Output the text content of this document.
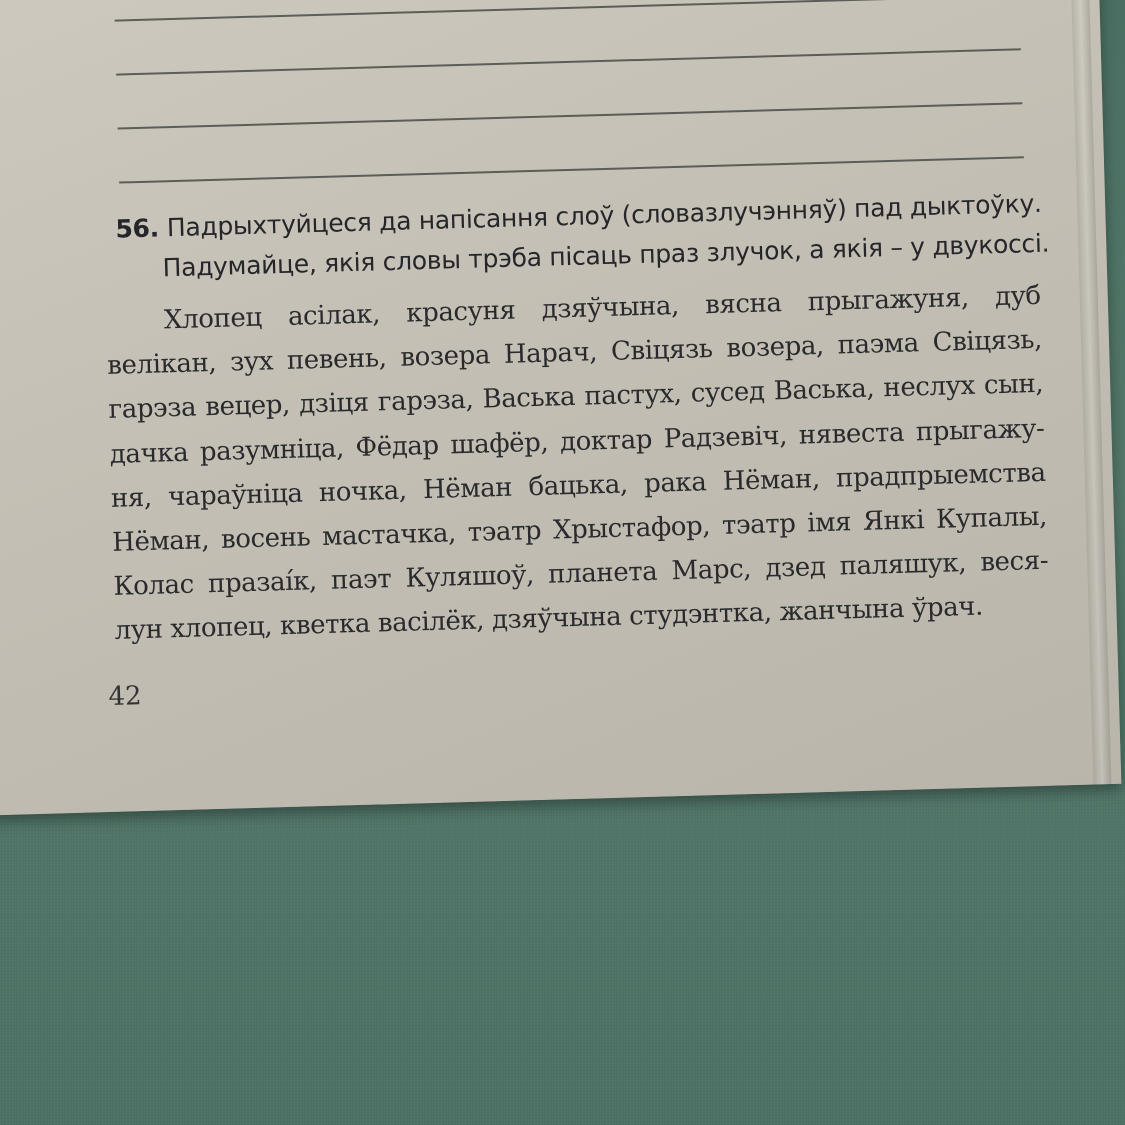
56. Падрыхтуйцеся да напісання слоў (словазлучэнняў) пад дыктоўку.
Падумайце, якія словы трэба пісаць праз злучок, а якія – у двукоссі.
Хлопец асілак, красуня дзяўчына, вясна прыгажуня, дуб
велікан, зух певень, возера Нарач, Свіцязь возера, паэма Свіцязь,
гарэза вецер, дзіця гарэза, Васька пастух, сусед Васька, неслух сын,
дачка разумніца, Фёдар шафёр, доктар Радзевіч, нявеста прыгажу-
ня, чараўніца ночка, Нёман бацька, рака Нёман, прадпрыемства
Нёман, восень мастачка, тэатр Хрыстафор, тэатр імя Янкі Купалы,
Колас празаíк, паэт Куляшоў, планета Марс, дзед паляшук, веся-
лун хлопец, кветка васілёк, дзяўчына студэнтка, жанчына ўрач.
42
